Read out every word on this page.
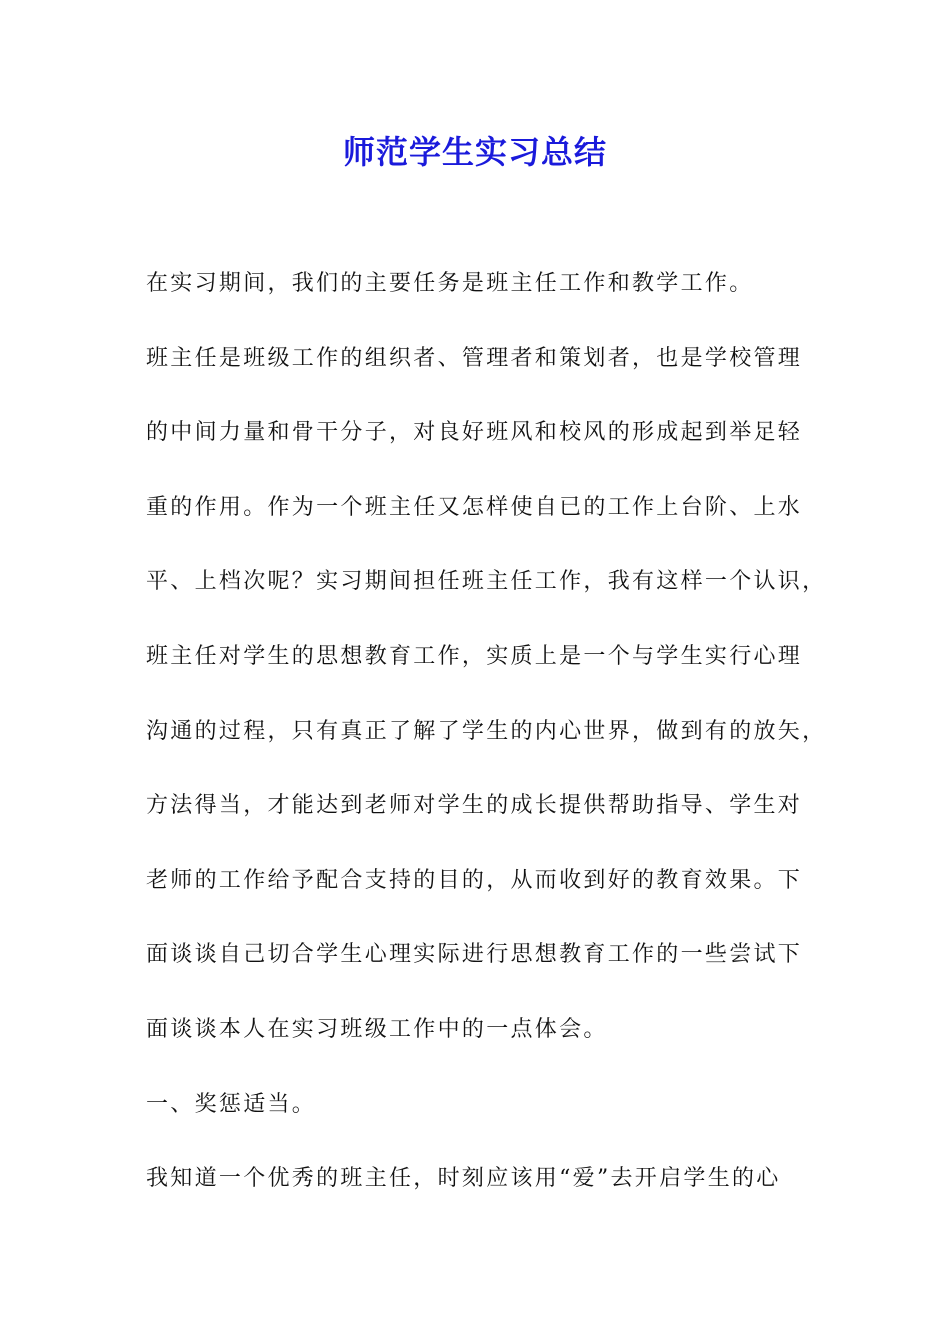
师范学生实习总结
在实习期间，我们的主要任务是班主任工作和教学工作。
班主任是班级工作的组织者、管理者和策划者，也是学校管理
的中间力量和骨干分子，对良好班风和校风的形成起到举足轻
重的作用。作为一个班主任又怎样使自已的工作上台阶、上水
平、上档次呢？实习期间担任班主任工作，我有这样一个认识，
班主任对学生的思想教育工作，实质上是一个与学生实行心理
沟通的过程，只有真正了解了学生的内心世界，做到有的放矢，
方法得当，才能达到老师对学生的成长提供帮助指导、学生对
老师的工作给予配合支持的目的，从而收到好的教育效果。下
面谈谈自己切合学生心理实际进行思想教育工作的一些尝试下
面谈谈本人在实习班级工作中的一点体会。
一、奖惩适当。
我知道一个优秀的班主任，时刻应该用“爱”去开启学生的心
